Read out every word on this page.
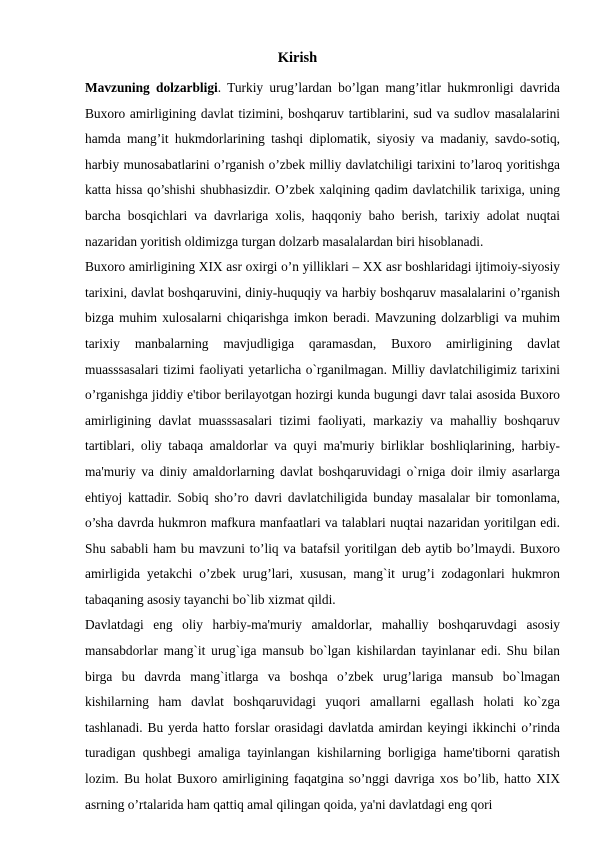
Kirish

Mavzuning dolzarbligi. Turkiy urug’lardan bo’lgan mang’itlar hukmronligi davrida Buxoro amirligining davlat tizimini, boshqaruv tartiblarini, sud va sudlov masalalarini hamda mang’it hukmdorlarining tashqi diplomatik, siyosiy va madaniy, savdo-sotiq, harbiy munosabatlarini o’rganish o’zbek milliy davlatchiligi tarixini to’laroq yoritishga katta hissa qo’shishi shubhasizdir. O’zbek xalqining qadim davlatchilik tarixiga, uning barcha bosqichlari va davrlariga xolis, haqqoniy baho berish, tarixiy adolat nuqtai nazaridan yoritish oldimizga turgan dolzarb masalalardan biri hisoblanadi.

Buxoro amirligining XIX asr oxirgi o’n yilliklari – XX asr boshlaridagi ijtimoiy-siyosiy tarixini, davlat boshqaruvini, diniy-huquqiy va harbiy boshqaruv masalalarini o’rganish bizga muhim xulosalarni chiqarishga imkon beradi. Mavzuning dolzarbligi va muhim tarixiy manbalarning mavjudligiga qaramasdan, Buxoro amirligining davlat muasssasalari tizimi faoliyati yetarlicha o`rganilmagan. Milliy davlatchiligimiz tarixini o’rganishga jiddiy e'tibor berilayotgan hozirgi kunda bugungi davr talai asosida Buxoro amirligining davlat muasssasalari tizimi faoliyati, markaziy va mahalliy boshqaruv tartiblari, oliy tabaqa amaldorlar va quyi ma'muriy birliklar boshliqlarining, harbiy-ma'muriy va diniy amaldorlarning davlat boshqaruvidagi o`rniga doir ilmiy asarlarga ehtiyoj kattadir. Sobiq sho’ro davri davlatchiligida bunday masalalar bir tomonlama, o’sha davrda hukmron mafkura manfaatlari va talablari nuqtai nazaridan yoritilgan edi. Shu sababli ham bu mavzuni to’liq va batafsil yoritilgan deb aytib bo’lmaydi. Buxoro amirligida yetakchi o’zbek urug’lari, xususan, mang`it urug’i zodagonlari hukmron tabaqaning asosiy tayanchi bo`lib xizmat qildi.

Davlatdagi eng oliy harbiy-ma'muriy amaldorlar, mahalliy boshqaruvdagi asosiy mansabdorlar mang`it urug`iga mansub bo`lgan kishilardan tayinlanar edi. Shu bilan birga bu davrda mang`itlarga va boshqa o’zbek urug’lariga mansub bo`lmagan kishilarning ham davlat boshqaruvidagi yuqori amallarni egallash holati ko`zga tashlanadi. Bu yerda hatto forslar orasidagi davlatda amirdan keyingi ikkinchi o’rinda turadigan qushbegi amaliga tayinlangan kishilarning borligiga hame'tiborni qaratish lozim. Bu holat Buxoro amirligining faqatgina so’nggi davriga xos bo’lib, hatto XIX asrning o’rtalarida ham qattiq amal qilingan qoida, ya'ni davlatdagi eng qori
